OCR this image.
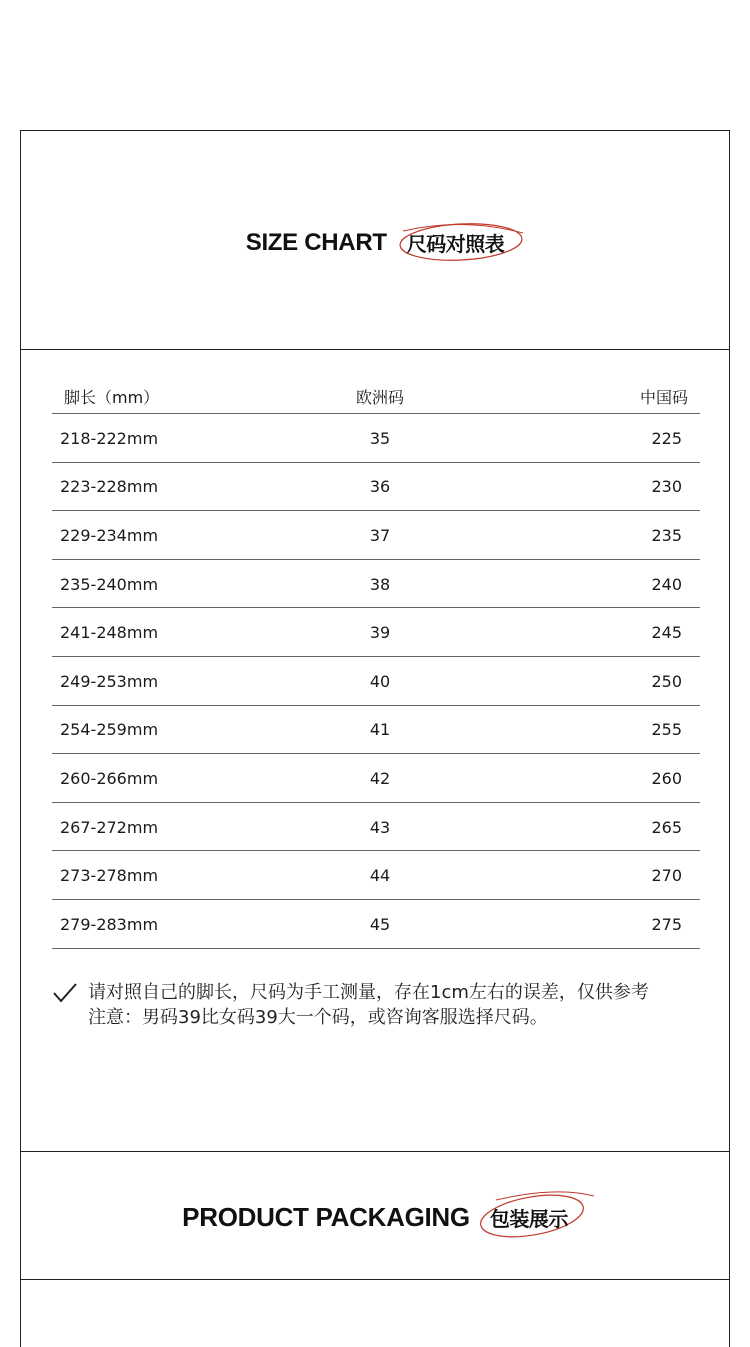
SIZE CHART 尺码对照表
脚长（mm）	欧洲码	中国码
218-222mm	35	225
223-228mm	36	230
229-234mm	37	235
235-240mm	38	240
241-248mm	39	245
249-253mm	40	250
254-259mm	41	255
260-266mm	42	260
267-272mm	43	265
273-278mm	44	270
279-283mm	45	275
请对照自己的脚长，尺码为手工测量，存在1cm左右的误差，仅供参考
注意：男码39比女码39大一个码，或咨询客服选择尺码。
PRODUCT PACKAGING 包装展示
